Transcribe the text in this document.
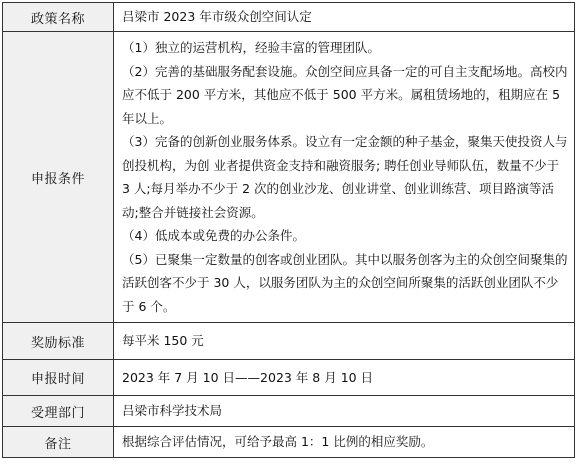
政策名称	吕梁市 2023 年市级众创空间认定
申报条件	（1）独立的运营机构，经验丰富的管理团队。
（2）完善的基础服务配套设施。众创空间应具备一定的可自主支配场地。高校内应不低于 200 平方米，其他应不低于 500 平方米。属租赁场地的，租期应在 5 年以上。
（3）完备的创新创业服务体系。设立有一定金额的种子基金，聚集天使投资人与创投机构，为创 业者提供资金支持和融资服务; 聘任创业导师队伍，数量不少于 3 人;每月举办不少于 2 次的创业沙龙、创业讲堂、创业训练营、项目路演等活动;整合并链接社会资源。
（4）低成本或免费的办公条件。
（5）已聚集一定数量的创客或创业团队。其中以服务创客为主的众创空间聚集的活跃创客不少于 30 人，以服务团队为主的众创空间所聚集的活跃创业团队不少于 6 个。

奖励标准	每平米 150 元
申报时间	2023 年 7 月 10 日——2023 年 8 月 10 日
受理部门	吕梁市科学技术局
备注	根据综合评估情况，可给予最高 1：1 比例的相应奖励。
